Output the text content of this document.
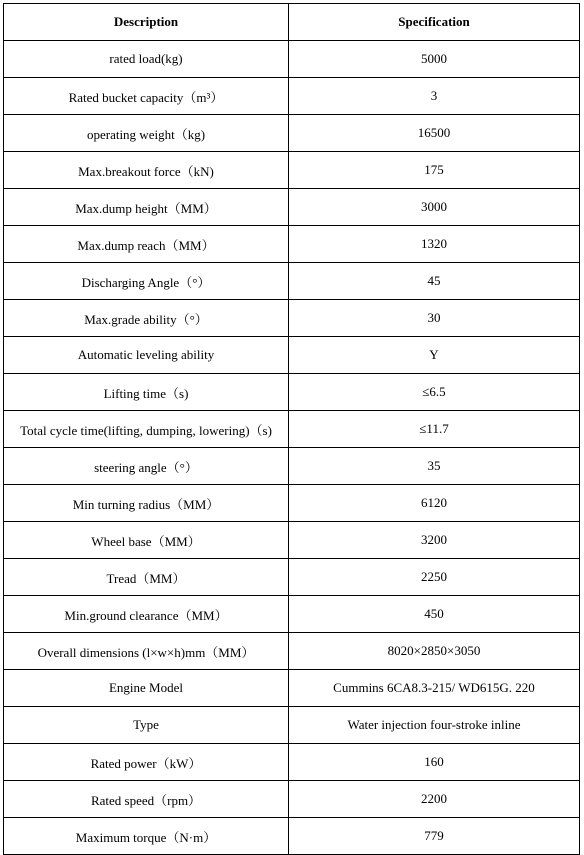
Description	Specification
rated load(kg)	5000
Rated bucket capacity（m³）	3
operating weight（kg)	16500
Max.breakout force（kN)	175
Max.dump height（MM）	3000
Max.dump reach（MM）	1320
Discharging Angle（°）	45
Max.grade ability（°）	30
Automatic leveling ability	Y
Lifting time（s)	≤6.5
Total cycle time(lifting, dumping, lowering)（s)	≤11.7
steering angle（°）	35
Min turning radius（MM）	6120
Wheel base（MM）	3200
Tread（MM）	2250
Min.ground clearance（MM）	450
Overall dimensions (l×w×h)mm（MM）	8020×2850×3050
Engine Model	Cummins 6CA8.3-215/ WD615G. 220
Type	Water injection four-stroke inline
Rated power（kW）	160
Rated speed（rpm）	2200
Maximum torque（N·m）	779
